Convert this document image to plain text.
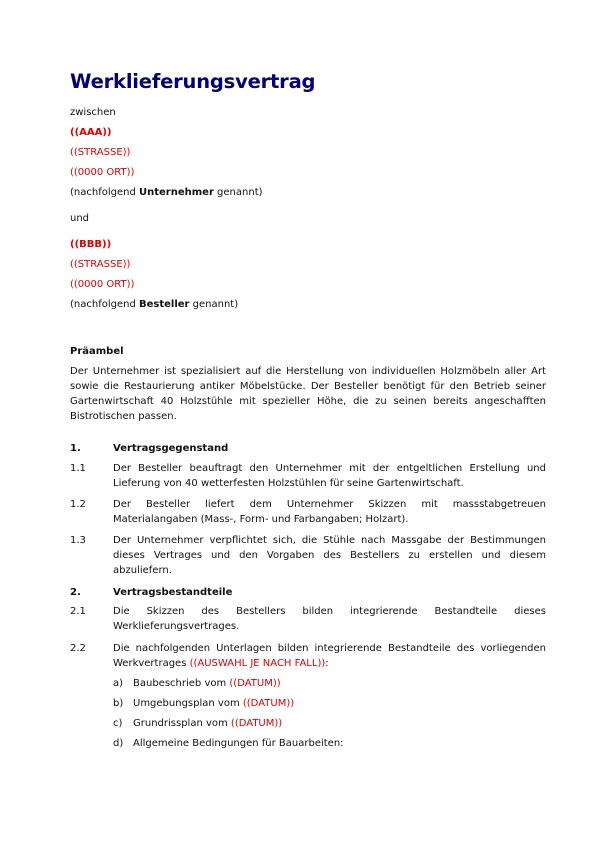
Werklieferungsvertrag
zwischen
((AAA))
((STRASSE))
((0000 ORT))
(nachfolgend Unternehmer genannt)
und
((BBB))
((STRASSE))
((0000 ORT))
(nachfolgend Besteller genannt)
Präambel
Der Unternehmer ist spezialisiert auf die Herstellung von individuellen Holzmöbeln aller Art sowie die Restaurierung antiker Möbelstücke. Der Besteller benötigt für den Betrieb seiner Gartenwirtschaft 40 Holzstühle mit spezieller Höhe, die zu seinen bereits angeschafften Bistrotischen passen.
1.	Vertragsgegenstand
1.1	Der Besteller beauftragt den Unternehmer mit der entgeltlichen Erstellung und Lieferung von 40 wetterfesten Holzstühlen für seine Gartenwirtschaft.
1.2	Der Besteller liefert dem Unternehmer Skizzen mit massstabgetreuen Materialangaben (Mass-, Form- und Farbangaben; Holzart).
1.3	Der Unternehmer verpflichtet sich, die Stühle nach Massgabe der Bestimmungen dieses Vertrages und den Vorgaben des Bestellers zu erstellen und diesem abzuliefern.
2.	Vertragsbestandteile
2.1	Die Skizzen des Bestellers bilden integrierende Bestandteile dieses Werklieferungsvertrages.
2.2	Die nachfolgenden Unterlagen bilden integrierende Bestandteile des vorliegenden Werkvertrages ((AUSWAHL JE NACH FALL)):
a) Baubeschrieb vom ((DATUM))
b) Umgebungsplan vom ((DATUM))
c) Grundrissplan vom ((DATUM))
d) Allgemeine Bedingungen für Bauarbeiten:
